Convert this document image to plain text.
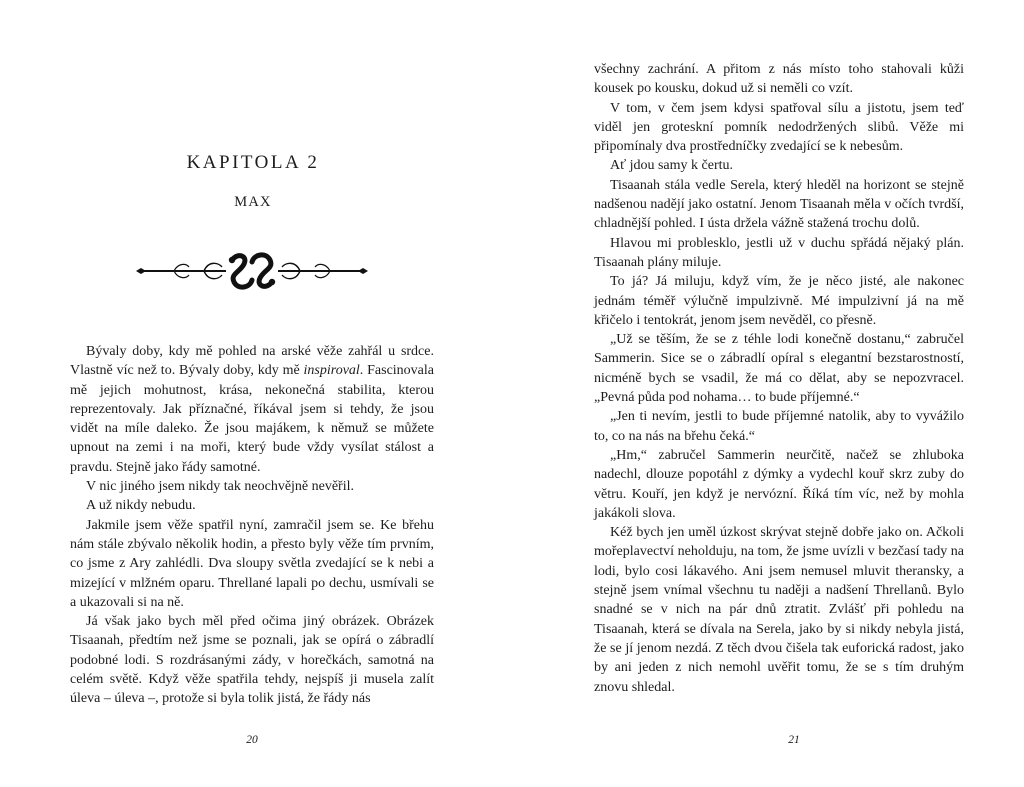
KAPITOLA 2
MAX

Bývaly doby, kdy mě pohled na arské věže zahřál u srdce. Vlastně víc než to. Bývaly doby, kdy mě inspiroval. Fascinovala mě jejich mohutnost, krása, nekonečná stabilita, kterou reprezentovaly. Jak příznačné, říkával jsem si tehdy, že jsou vidět na míle daleko. Že jsou majákem, k němuž se můžete upnout na zemi i na moři, který bude vždy vysílat stálost a pravdu. Stejně jako řády samotné.

V nic jiného jsem nikdy tak neochvějně nevěřil.

A už nikdy nebudu.

Jakmile jsem věže spatřil nyní, zamračil jsem se. Ke břehu nám stále zbývalo několik hodin, a přesto byly věže tím prvním, co jsme z Ary zahlédli. Dva sloupy světla zvedající se k nebi a mizející v mlžném oparu. Threllané lapali po dechu, usmívali se a ukazovali si na ně.

Já však jako bych měl před očima jiný obrázek. Obrázek Tisaanah, předtím než jsme se poznali, jak se opírá o zábradlí podobné lodi. S rozdrásanými zády, v horečkách, samotná na celém světě. Když věže spatřila tehdy, nejspíš ji musela zalít úleva – úleva –, protože si byla tolik jistá, že řády nás

20

všechny zachrání. A přitom z nás místo toho stahovali kůži kousek po kousku, dokud už si neměli co vzít.

V tom, v čem jsem kdysi spatřoval sílu a jistotu, jsem teď viděl jen groteskní pomník nedodržených slibů. Věže mi připomínaly dva prostředníčky zvedající se k nebesům.

Ať jdou samy k čertu.

Tisaanah stála vedle Serela, který hleděl na horizont se stejně nadšenou nadějí jako ostatní. Jenom Tisaanah měla v očích tvrdší, chladnější pohled. I ústa držela vážně stažená trochu dolů.

Hlavou mi problesklo, jestli už v duchu spřádá nějaký plán. Tisaanah plány miluje.

To já? Já miluju, když vím, že je něco jisté, ale nakonec jednám téměř výlučně impulzivně. Mé impulzivní já na mě křičelo i tentokrát, jenom jsem nevěděl, co přesně.

„Už se těším, že se z téhle lodi konečně dostanu,“ zabručel Sammerin. Sice se o zábradlí opíral s elegantní bezstarostností, nicméně bych se vsadil, že má co dělat, aby se nepozvracel. „Pevná půda pod nohama… to bude příjemné.“

„Jen ti nevím, jestli to bude příjemné natolik, aby to vyvážilo to, co na nás na břehu čeká.“

„Hm,“ zabručel Sammerin neurčitě, načež se zhluboka nadechl, dlouze popotáhl z dýmky a vydechl kouř skrz zuby do větru. Kouří, jen když je nervózní. Říká tím víc, než by mohla jakákoli slova.

Kéž bych jen uměl úzkost skrývat stejně dobře jako on. Ačkoli mořeplavectví neholduju, na tom, že jsme uvízli v bezčasí tady na lodi, bylo cosi lákavého. Ani jsem nemusel mluvit theransky, a stejně jsem vnímal všechnu tu naději a nadšení Threllanů. Bylo snadné se v nich na pár dnů ztratit. Zvlášť při pohledu na Tisaanah, která se dívala na Serela, jako by si nikdy nebyla jistá, že se jí jenom nezdá. Z těch dvou čišela tak euforická radost, jako by ani jeden z nich nemohl uvěřit tomu, že se s tím druhým znovu shledal.

21
